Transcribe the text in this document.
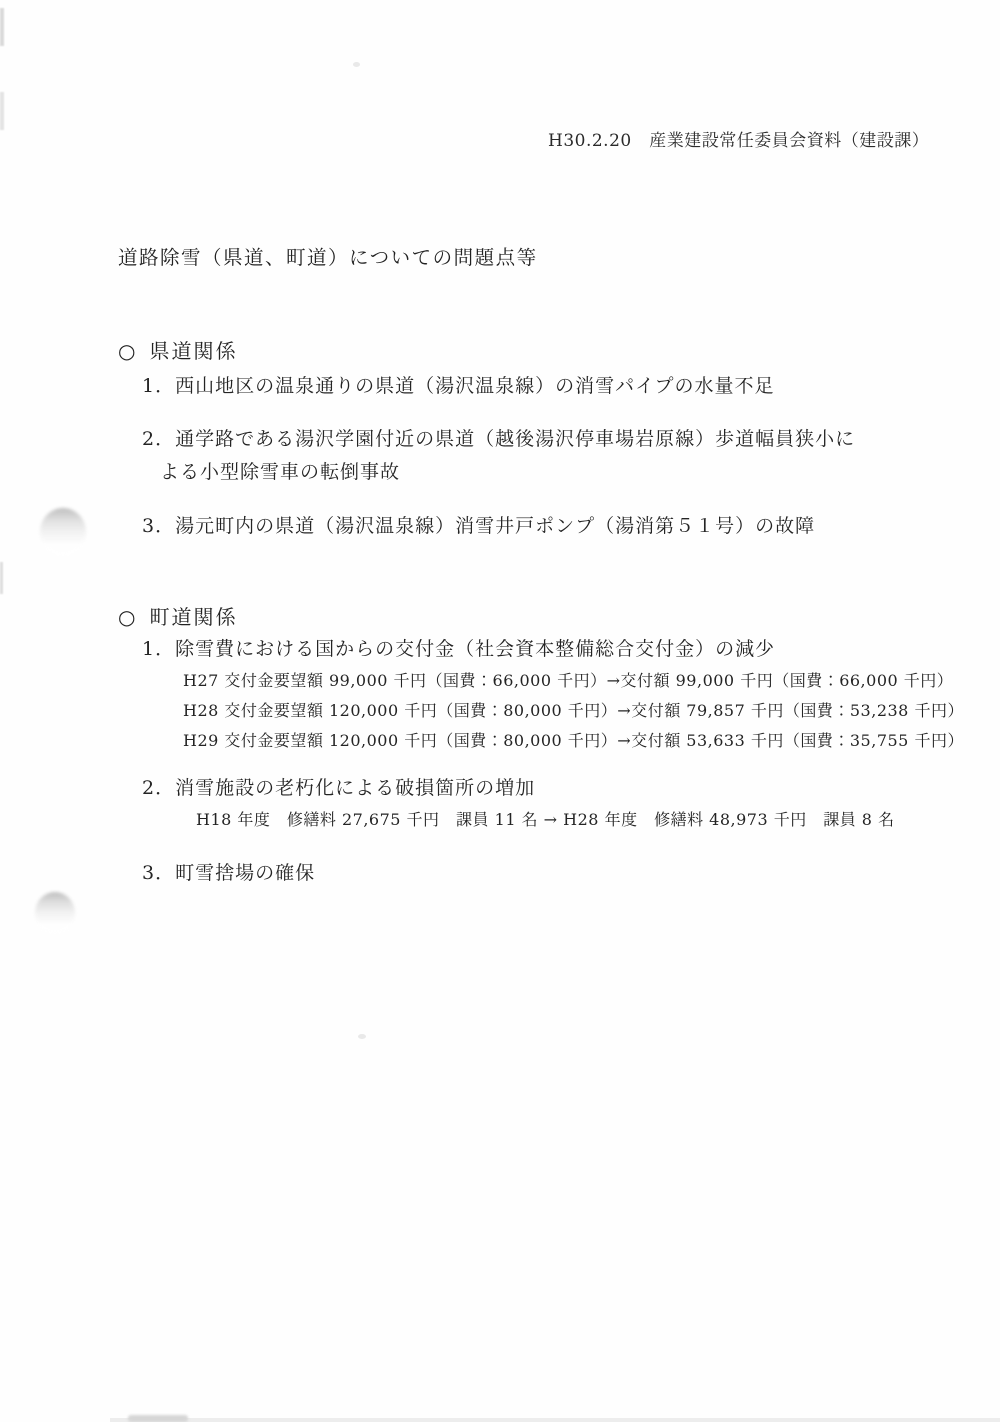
H30.2.20　産業建設常任委員会資料（建設課）
道路除雪（県道、町道）についての問題点等
○ 県道関係
1．西山地区の温泉通りの県道（湯沢温泉線）の消雪パイプの水量不足
2．通学路である湯沢学園付近の県道（越後湯沢停車場岩原線）歩道幅員狭小に
よる小型除雪車の転倒事故
3．湯元町内の県道（湯沢温泉線）消雪井戸ポンプ（湯消第５１号）の故障
○ 町道関係
1．除雪費における国からの交付金（社会資本整備総合交付金）の減少
H27 交付金要望額 99,000 千円（国費：66,000 千円）→交付額 99,000 千円（国費：66,000 千円）
H28 交付金要望額 120,000 千円（国費：80,000 千円）→交付額 79,857 千円（国費：53,238 千円）
H29 交付金要望額 120,000 千円（国費：80,000 千円）→交付額 53,633 千円（国費：35,755 千円）
2．消雪施設の老朽化による破損箇所の増加
H18 年度　修繕料 27,675 千円　課員 11 名 → H28 年度　修繕料 48,973 千円　課員 8 名
3．町雪捨場の確保
